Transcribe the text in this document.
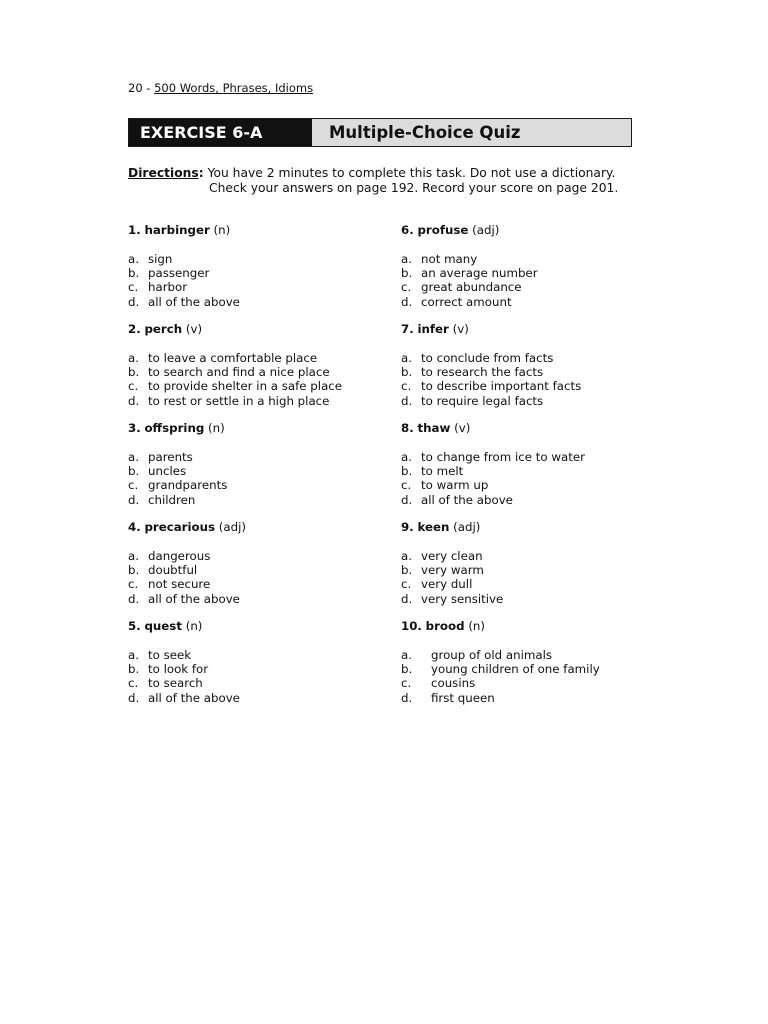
20 - 500 Words, Phrases, Idioms
EXERCISE 6-A	Multiple-Choice Quiz
Directions: You have 2 minutes to complete this task. Do not use a dictionary.
Check your answers on page 192. Record your score on page 201.
1. harbinger (n)
a. sign
b. passenger
c. harbor
d. all of the above
2. perch (v)
a. to leave a comfortable place
b. to search and find a nice place
c. to provide shelter in a safe place
d. to rest or settle in a high place
3. offspring (n)
a. parents
b. uncles
c. grandparents
d. children
4. precarious (adj)
a. dangerous
b. doubtful
c. not secure
d. all of the above
5. quest (n)
a. to seek
b. to look for
c. to search
d. all of the above
6. profuse (adj)
a. not many
b. an average number
c. great abundance
d. correct amount
7. infer (v)
a. to conclude from facts
b. to research the facts
c. to describe important facts
d. to require legal facts
8. thaw (v)
a. to change from ice to water
b. to melt
c. to warm up
d. all of the above
9. keen (adj)
a. very clean
b. very warm
c. very dull
d. very sensitive
10. brood (n)
a.	group of old animals
b.	young children of one family
c.	cousins
d.	first queen
